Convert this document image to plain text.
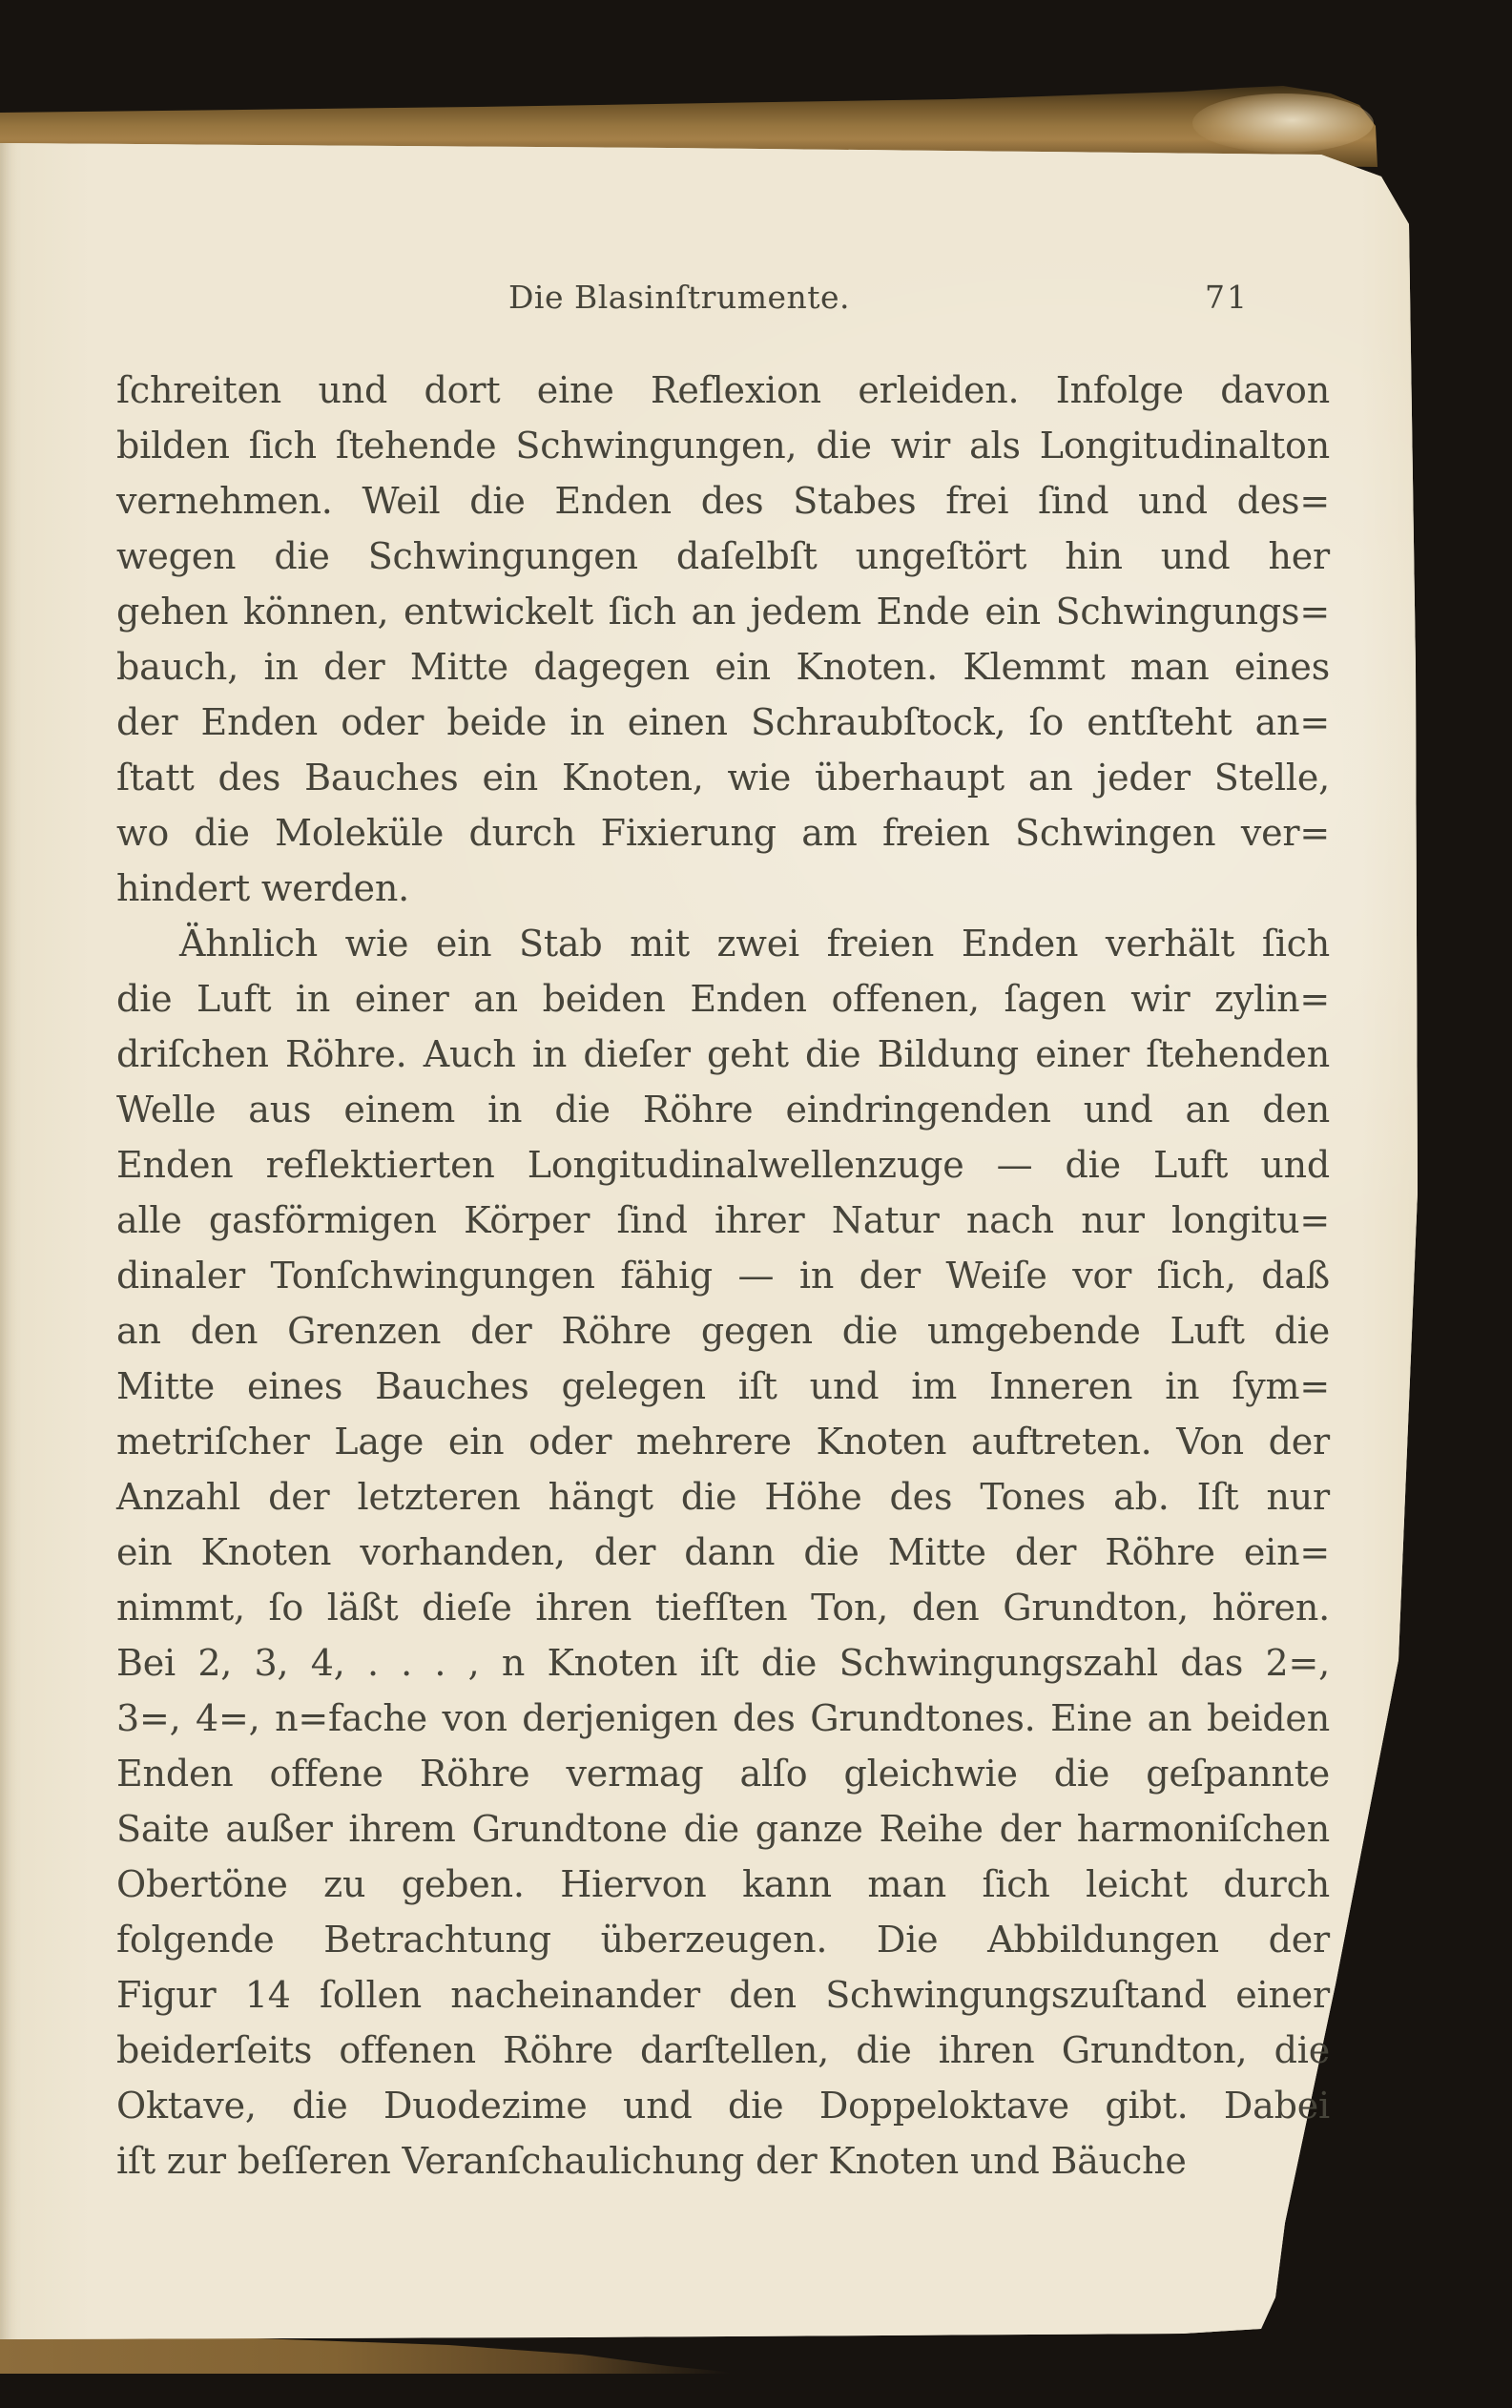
Die Blasinſtrumente.	71
ſchreiten und dort eine Reflexion erleiden. Infolge davon
bilden ſich ſtehende Schwingungen, die wir als Longitudinalton
vernehmen. Weil die Enden des Stabes frei ſind und des=
wegen die Schwingungen daſelbſt ungeſtört hin und her
gehen können, entwickelt ſich an jedem Ende ein Schwingungs=
bauch, in der Mitte dagegen ein Knoten. Klemmt man eines
der Enden oder beide in einen Schraubſtock, ſo entſteht an=
ſtatt des Bauches ein Knoten, wie überhaupt an jeder Stelle,
wo die Moleküle durch Fixierung am freien Schwingen ver=
hindert werden.
Ähnlich wie ein Stab mit zwei freien Enden verhält ſich
die Luft in einer an beiden Enden offenen, ſagen wir zylin=
driſchen Röhre. Auch in dieſer geht die Bildung einer ſtehenden
Welle aus einem in die Röhre eindringenden und an den
Enden reflektierten Longitudinalwellenzuge — die Luft und
alle gasförmigen Körper ſind ihrer Natur nach nur longitu=
dinaler Tonſchwingungen fähig — in der Weiſe vor ſich, daß
an den Grenzen der Röhre gegen die umgebende Luft die
Mitte eines Bauches gelegen iſt und im Inneren in ſym=
metriſcher Lage ein oder mehrere Knoten auftreten. Von der
Anzahl der letzteren hängt die Höhe des Tones ab. Iſt nur
ein Knoten vorhanden, der dann die Mitte der Röhre ein=
nimmt, ſo läßt dieſe ihren tiefſten Ton, den Grundton, hören.
Bei 2, 3, 4, . . . , n Knoten iſt die Schwingungszahl das 2=,
3=, 4=, n=fache von derjenigen des Grundtones. Eine an beiden
Enden offene Röhre vermag alſo gleichwie die geſpannte
Saite außer ihrem Grundtone die ganze Reihe der harmoniſchen
Obertöne zu geben. Hiervon kann man ſich leicht durch
folgende Betrachtung überzeugen. Die Abbildungen der
Figur 14 ſollen nacheinander den Schwingungszuſtand einer
beiderſeits offenen Röhre darſtellen, die ihren Grundton, die
Oktave, die Duodezime und die Doppeloktave gibt. Dabei
iſt zur beſſeren Veranſchaulichung der Knoten und Bäuche
